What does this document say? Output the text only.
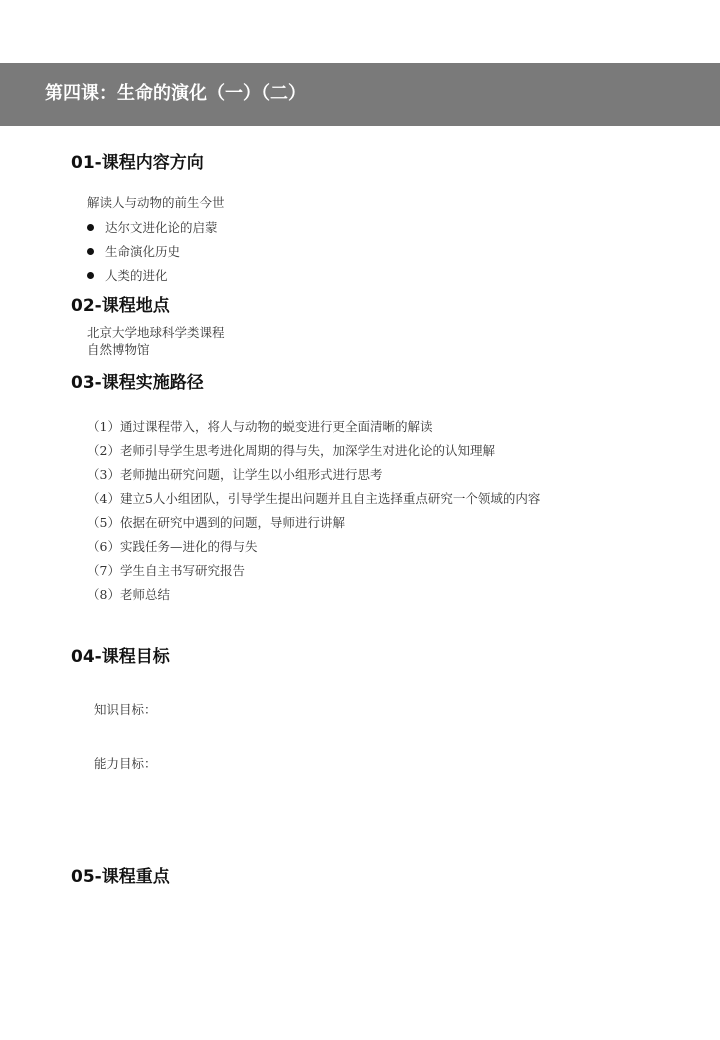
第四课：生命的演化（一）（二）
01-课程内容方向
解读人与动物的前生今世
达尔文进化论的启蒙
生命演化历史
人类的进化
02-课程地点
北京大学地球科学类课程
自然博物馆
03-课程实施路径
（1）通过课程带入，将人与动物的蜕变进行更全面清晰的解读
（2）老师引导学生思考进化周期的得与失，加深学生对进化论的认知理解
（3）老师抛出研究问题，让学生以小组形式进行思考
（4）建立5人小组团队，引导学生提出问题并且自主选择重点研究一个领域的内容
（5）依据在研究中遇到的问题，导师进行讲解
（6）实践任务—进化的得与失
（7）学生自主书写研究报告
（8）老师总结
04-课程目标
知识目标：
能力目标：
05-课程重点
